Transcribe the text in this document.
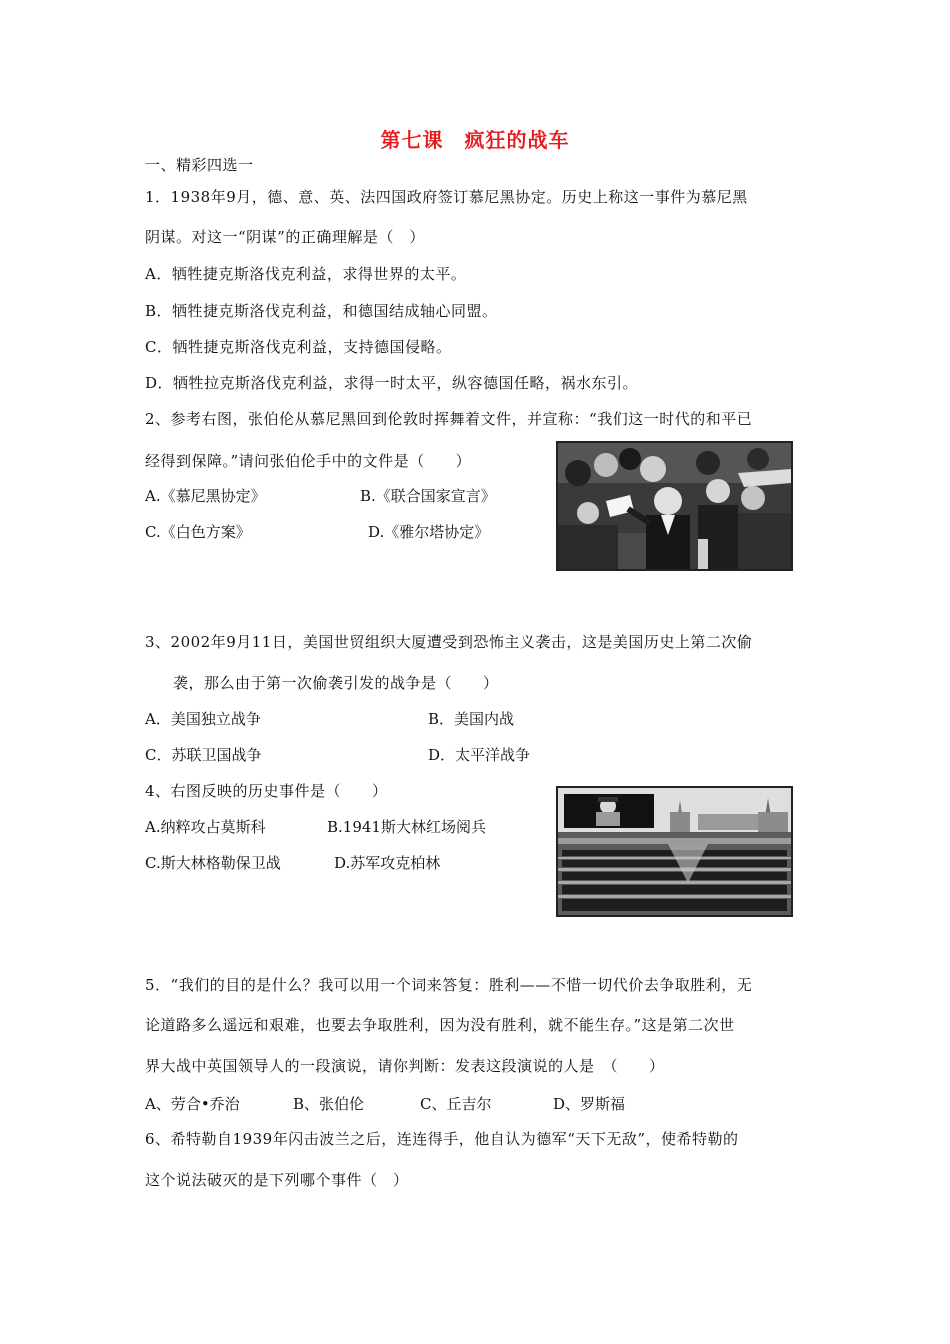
第七课　疯狂的战车
一、精彩四选一
1．1938年9月，德、意、英、法四国政府签订慕尼黑协定。历史上称这一事件为慕尼黑
阴谋。对这一“阴谋”的正确理解是（　）
A．牺牲捷克斯洛伐克利益，求得世界的太平。
B．牺牲捷克斯洛伐克利益，和德国结成轴心同盟。
C．牺牲捷克斯洛伐克利益，支持德国侵略。
D．牺牲拉克斯洛伐克利益，求得一时太平，纵容德国任略，祸水东引。
2、参考右图，张伯伦从慕尼黑回到伦敦时挥舞着文件，并宣称：“我们这一时代的和平已
经得到保障。”请问张伯伦手中的文件是（　　）
A.《慕尼黑协定》	B.《联合国家宣言》
C.《白色方案》	D.《雅尔塔协定》
3、2002年9月11日，美国世贸组织大厦遭受到恐怖主义袭击，这是美国历史上第二次偷
袭，那么由于第一次偷袭引发的战争是（　　）
A．美国独立战争	B．美国内战
C．苏联卫国战争	D．太平洋战争
4、右图反映的历史事件是（　　）
A.纳粹攻占莫斯科	B.1941斯大林红场阅兵
C.斯大林格勒保卫战	D.苏军攻克柏林
5．“我们的目的是什么？我可以用一个词来答复：胜利——不惜一切代价去争取胜利，无
论道路多么遥远和艰难，也要去争取胜利，因为没有胜利，就不能生存。”这是第二次世
界大战中英国领导人的一段演说，请你判断：发表这段演说的人是　（　　）
A、劳合•乔治	B、张伯伦	C、丘吉尔	D、罗斯福
6、希特勒自1939年闪击波兰之后，连连得手，他自认为德军“天下无敌”，使希特勒的
这个说法破灭的是下列哪个事件（　）
